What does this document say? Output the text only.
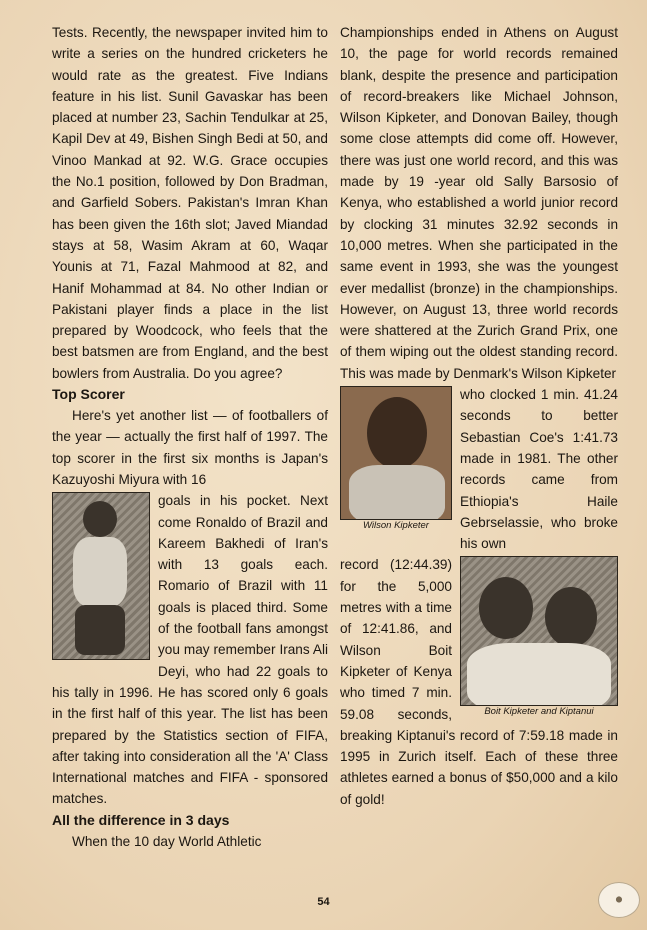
Tests. Recently, the newspaper invited him to write a series on the hundred cricketers he would rate as the greatest. Five Indians feature in his list. Sunil Gavaskar has been placed at number 23, Sachin Tendulkar at 25, Kapil Dev at 49, Bishen Singh Bedi at 50, and Vinoo Mankad at 92. W.G. Grace occupies the No.1 position, followed by Don Bradman, and Garfield Sobers. Pakistan's Imran Khan has been given the 16th slot; Javed Miandad stays at 58, Wasim Akram at 60, Waqar Younis at 71, Fazal Mahmood at 82, and Hanif Mohammad at 84. No other Indian or Pakistani player finds a place in the list prepared by Woodcock, who feels that the best batsmen are from England, and the best bowlers from Australia. Do you agree?

Top Scorer

Here's yet another list — of footballers of the year — actually the first half of 1997. The top scorer in the first six months is Japan's Kazuyoshi Miyura with 16

goals in his pocket. Next come Ronaldo of Brazil and Kareem Bakhedi of Iran's with 13 goals each. Romario of Brazil with 11 goals is placed third. Some of the football fans amongst you may remember Irans Ali Deyi, who had 22 goals to his tally in 1996. He has scored only 6 goals in the first half of this year. The list has been prepared by the Statistics section of FIFA, after taking into consideration all the 'A' Class International matches and FIFA - sponsored matches.

All the difference in 3 days

When the 10 day World Athletic

Championships ended in Athens on August 10, the page for world records remained blank, despite the presence and participation of record-breakers like Michael Johnson, Wilson Kipketer, and Donovan Bailey, though some close attempts did come off. However, there was just one world record, and this was made by 19 -year old Sally Barsosio of Kenya, who established a world junior record by clocking 31 minutes 32.92 seconds in 10,000 metres. When she participated in the same event in 1993, she was the youngest ever medallist (bronze) in the championships. However, on August 13, three world records were shattered at the Zurich Grand Prix, one of them wiping out the oldest standing record. This was made by Denmark's Wilson Kipketer

Wilson Kipketer

who clocked 1 min. 41.24 seconds to better Sebastian Coe's 1:41.73 made in 1981. The other records came from Ethiopia's Haile Gebrselassie, who broke his own

Boit Kipketer and Kiptanui

record (12:44.39) for the 5,000 metres with a time of 12:41.86, and Wilson Boit Kipketer of Kenya who timed 7 min. 59.08 seconds, breaking Kiptanui's record of 7:59.18 made in 1995 in Zurich itself. Each of these three athletes earned a bonus of $50,000 and a kilo of gold!

54	⬤
